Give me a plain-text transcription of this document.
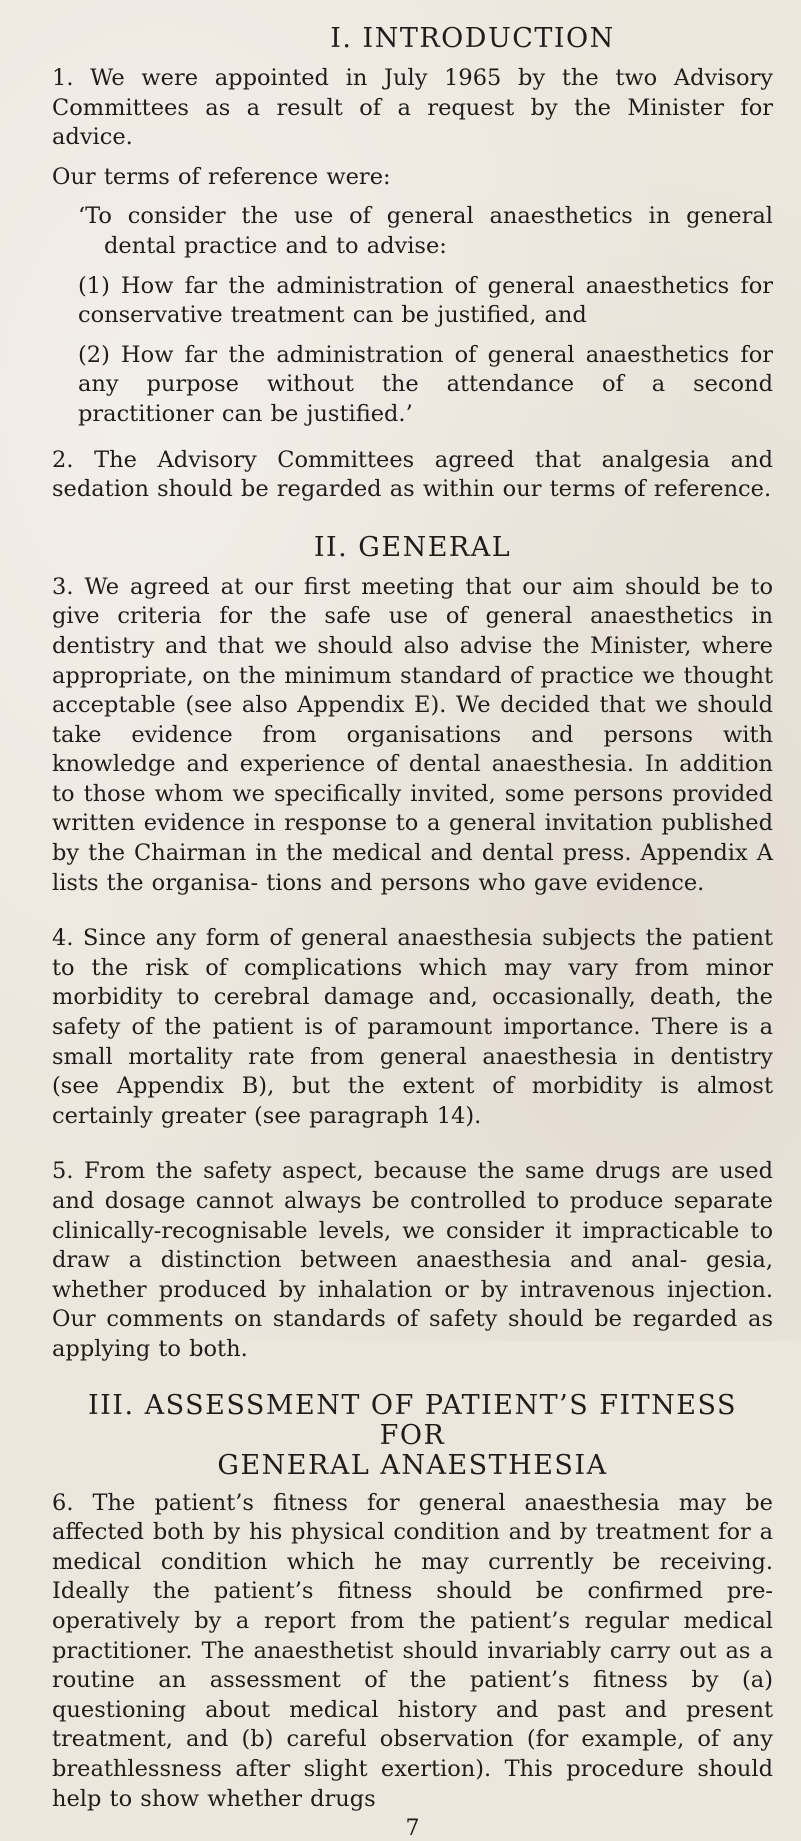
I. INTRODUCTION

1. We were appointed in July 1965 by the two Advisory Committees as a result of a request by the Minister for advice.

Our terms of reference were:

‘To consider the use of general anaesthetics in general dental practice and to advise:

(1) How far the administration of general anaesthetics for conservative treatment can be justified, and

(2) How far the administration of general anaesthetics for any purpose without the attendance of a second practitioner can be justified.’

2. The Advisory Committees agreed that analgesia and sedation should be regarded as within our terms of reference.

II. GENERAL

3. We agreed at our first meeting that our aim should be to give criteria for the safe use of general anaesthetics in dentistry and that we should also advise the Minister, where appropriate, on the minimum standard of practice we thought acceptable (see also Appendix E). We decided that we should take evidence from organisations and persons with knowledge and experience of dental anaesthesia. In addition to those whom we specifically invited, some persons provided written evidence in response to a general invitation published by the Chairman in the medical and dental press. Appendix A lists the organisa- tions and persons who gave evidence.

4. Since any form of general anaesthesia subjects the patient to the risk of complications which may vary from minor morbidity to cerebral damage and, occasionally, death, the safety of the patient is of paramount importance. There is a small mortality rate from general anaesthesia in dentistry (see Appendix B), but the extent of morbidity is almost certainly greater (see paragraph 14).

5. From the safety aspect, because the same drugs are used and dosage cannot always be controlled to produce separate clinically-recognisable levels, we consider it impracticable to draw a distinction between anaesthesia and anal- gesia, whether produced by inhalation or by intravenous injection. Our comments on standards of safety should be regarded as applying to both.

III. ASSESSMENT OF PATIENT’S FITNESS FOR
GENERAL ANAESTHESIA

6. The patient’s fitness for general anaesthesia may be affected both by his physical condition and by treatment for a medical condition which he may currently be receiving. Ideally the patient’s fitness should be confirmed pre- operatively by a report from the patient’s regular medical practitioner. The anaesthetist should invariably carry out as a routine an assessment of the patient’s fitness by (a) questioning about medical history and past and present treatment, and (b) careful observation (for example, of any breathlessness after slight exertion). This procedure should help to show whether drugs

7
